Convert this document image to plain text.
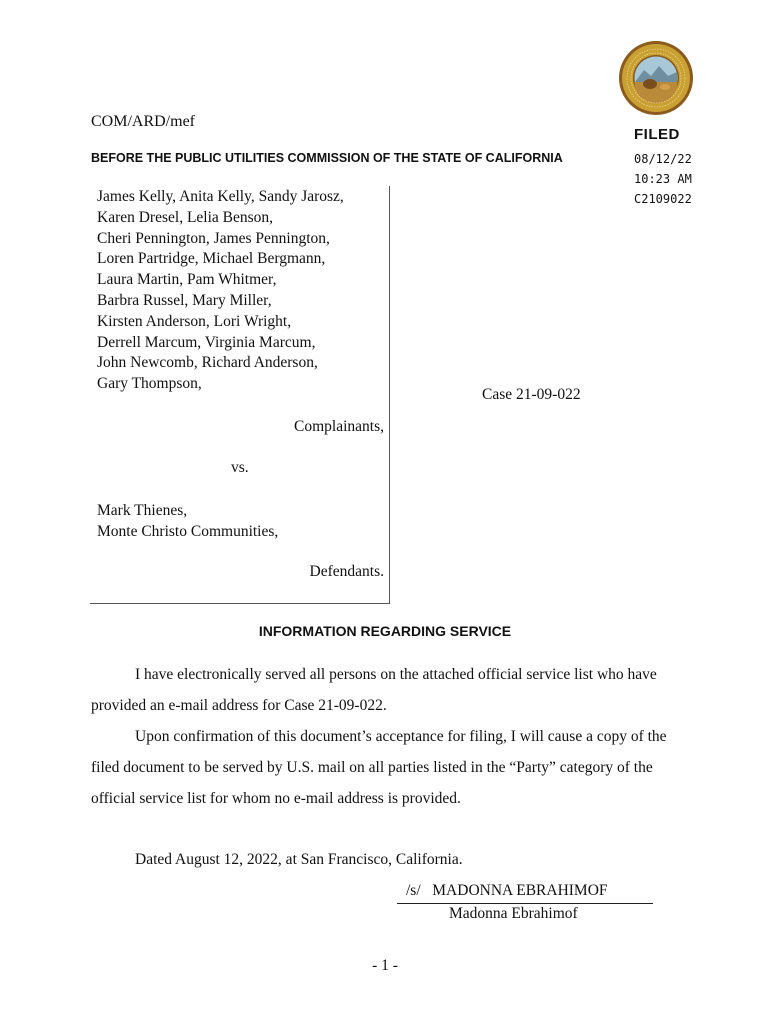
FILED
08/12/22
10:23 AM
C2109022
COM/ARD/mef
BEFORE THE PUBLIC UTILITIES COMMISSION OF THE STATE OF CALIFORNIA
James Kelly, Anita Kelly, Sandy Jarosz,
Karen Dresel, Lelia Benson,
Cheri Pennington, James Pennington,
Loren Partridge, Michael Bergmann,
Laura Martin, Pam Whitmer,
Barbra Russel, Mary Miller,
Kirsten Anderson, Lori Wright,
Derrell Marcum, Virginia Marcum,
John Newcomb, Richard Anderson,
Gary Thompson,
Complainants,
vs.
Mark Thienes,
Monte Christo Communities,
Defendants.
Case 21-09-022
INFORMATION REGARDING SERVICE
I have electronically served all persons on the attached official service list who have provided an e-mail address for Case 21-09-022.
Upon confirmation of this document’s acceptance for filing, I will cause a copy of the filed document to be served by U.S. mail on all parties listed in the “Party” category of the official service list for whom no e-mail address is provided.
Dated August 12, 2022, at San Francisco, California.
/s/   MADONNA EBRAHIMOF
Madonna Ebrahimof
- 1 -
